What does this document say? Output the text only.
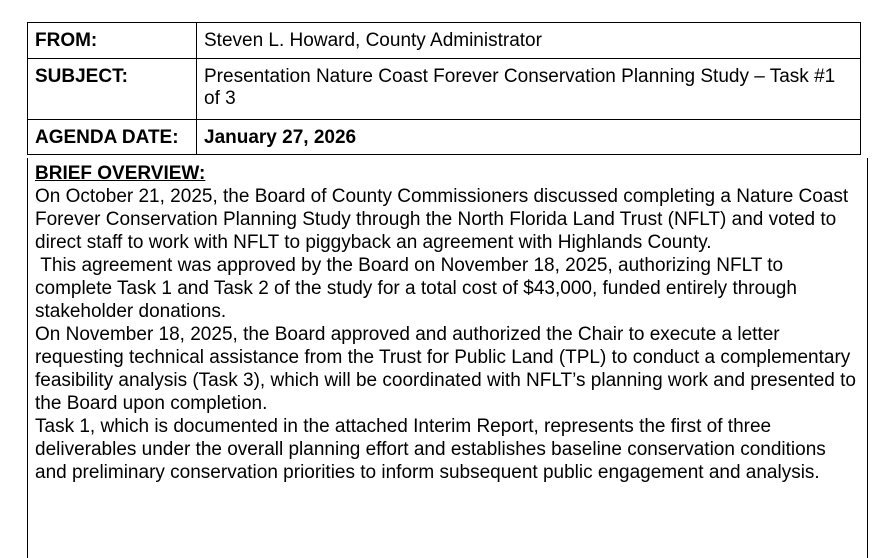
FROM:	Steven L. Howard, County Administrator
SUBJECT:	Presentation Nature Coast Forever Conservation Planning Study – Task #1 of 3
AGENDA DATE:	January 27, 2026
BRIEF OVERVIEW:

On October 21, 2025, the Board of County Commissioners discussed completing a Nature Coast Forever Conservation Planning Study through the North Florida Land Trust (NFLT) and voted to direct staff to work with NFLT to piggyback an agreement with Highlands County.

This agreement was approved by the Board on November 18, 2025, authorizing NFLT to complete Task 1 and Task 2 of the study for a total cost of $43,000, funded entirely through stakeholder donations.

On November 18, 2025, the Board approved and authorized the Chair to execute a letter requesting technical assistance from the Trust for Public Land (TPL) to conduct a complementary feasibility analysis (Task 3), which will be coordinated with NFLT’s planning work and presented to the Board upon completion.

Task 1, which is documented in the attached Interim Report, represents the first of three deliverables under the overall planning effort and establishes baseline conservation conditions and preliminary conservation priorities to inform subsequent public engagement and analysis.
